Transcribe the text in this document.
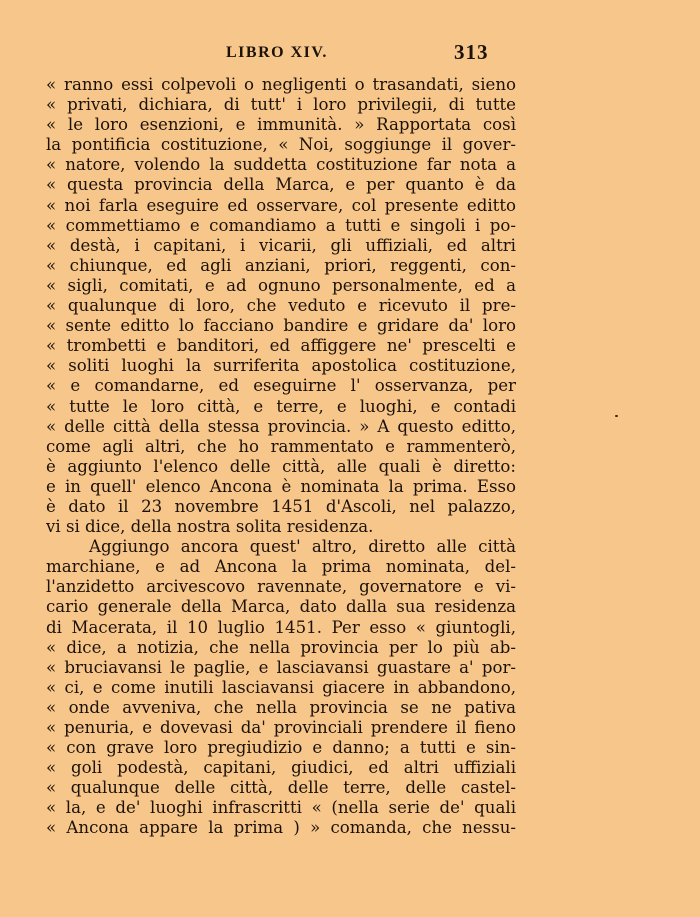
LIBRO XIV.	313
« ranno essi colpevoli o negligenti o trasandati, sieno
« privati, dichiara, di tutt' i loro privilegii, di tutte
« le loro esenzioni, e immunità. » Rapportata così
la pontificia costituzione, « Noi, soggiunge il gover-
« natore, volendo la suddetta costituzione far nota a
« questa provincia della Marca, e per quanto è da
« noi farla eseguire ed osservare, col presente editto
« commettiamo e comandiamo a tutti e singoli i po-
« destà, i capitani, i vicarii, gli uffiziali, ed altri
« chiunque, ed agli anziani, priori, reggenti, con-
« sigli, comitati, e ad ognuno personalmente, ed a
« qualunque di loro, che veduto e ricevuto il pre-
« sente editto lo facciano bandire e gridare da' loro
« trombetti e banditori, ed affiggere ne' prescelti e
« soliti luoghi la surriferita apostolica costituzione,
« e comandarne, ed eseguirne l' osservanza, per
« tutte le loro città, e terre, e luoghi, e contadi
« delle città della stessa provincia. » A questo editto,
come agli altri, che ho rammentato e rammenterò,
è aggiunto l'elenco delle città, alle quali è diretto:
e in quell' elenco Ancona è nominata la prima. Esso
è dato il 23 novembre 1451 d'Ascoli, nel palazzo,
vi si dice, della nostra solita residenza.
Aggiungo ancora quest' altro, diretto alle città
marchiane, e ad Ancona la prima nominata, del-
l'anzidetto arcivescovo ravennate, governatore e vi-
cario generale della Marca, dato dalla sua residenza
di Macerata, il 10 luglio 1451. Per esso « giuntogli,
« dice, a notizia, che nella provincia per lo più ab-
« bruciavansi le paglie, e lasciavansi guastare a' por-
« ci, e come inutili lasciavansi giacere in abbandono,
« onde avveniva, che nella provincia se ne pativa
« penuria, e dovevasi da' provinciali prendere il fieno
« con grave loro pregiudizio e danno; a tutti e sin-
« goli podestà, capitani, giudici, ed altri uffiziali
« qualunque delle città, delle terre, delle castel-
« la, e de' luoghi infrascritti « (nella serie de' quali
« Ancona appare la prima ) » comanda, che nessu-
